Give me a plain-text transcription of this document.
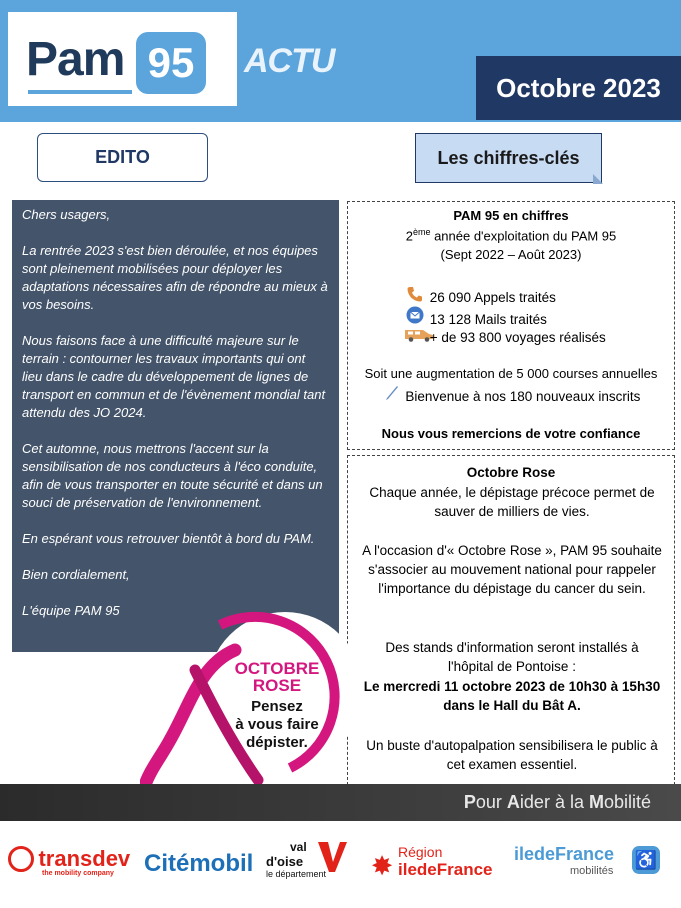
Pam 95	ACTU
Octobre 2023
EDITO	Les chiffres-clés

Chers usagers,

La rentrée 2023 s'est bien déroulée, et nos équipes sont pleinement mobilisées pour déployer les adaptations nécessaires afin de répondre au mieux à vos besoins.

Nous faisons face à une difficulté majeure sur le terrain : contourner les travaux importants qui ont lieu dans le cadre du développement de lignes de transport en commun et de l'évènement mondial tant attendu des JO 2024.

Cet automne, nous mettrons l'accent sur la sensibilisation de nos conducteurs à l'éco conduite, afin de vous transporter en toute sécurité et dans un souci de préservation de l'environnement.

En espérant vous retrouver bientôt à bord du PAM.

Bien cordialement,

L'équipe PAM 95

PAM 95 en chiffres
2ème année d'exploitation du PAM 95
(Sept 2022 – Août 2023)
26 090 Appels traités
13 128 Mails traités
+ de 93 800 voyages réalisés
Soit une augmentation de 5 000 courses annuelles
Bienvenue à nos 180 nouveaux inscrits
Nous vous remercions de votre confiance
Octobre Rose
Chaque année, le dépistage précoce permet de sauver de milliers de vies.
A l'occasion d'« Octobre Rose », PAM 95 souhaite s'associer au mouvement national pour rappeler l'importance du dépistage du cancer du sein.
Des stands d'information seront installés à l'hôpital de Pontoise :
Le mercredi 11 octobre 2023 de 10h30 à 15h30 dans le Hall du Bât A.
Un buste d'autopalpation sensibilisera le public à cet examen essentiel.
OCTOBRE
ROSE
Pensez
à vous faire
dépister.
Pour Aider à la Mobilité
transdev
the mobility company	Citémobil
val
d'oise
le département ✸
Région
iledeFrance
iledeFrance
mobilités
♿
